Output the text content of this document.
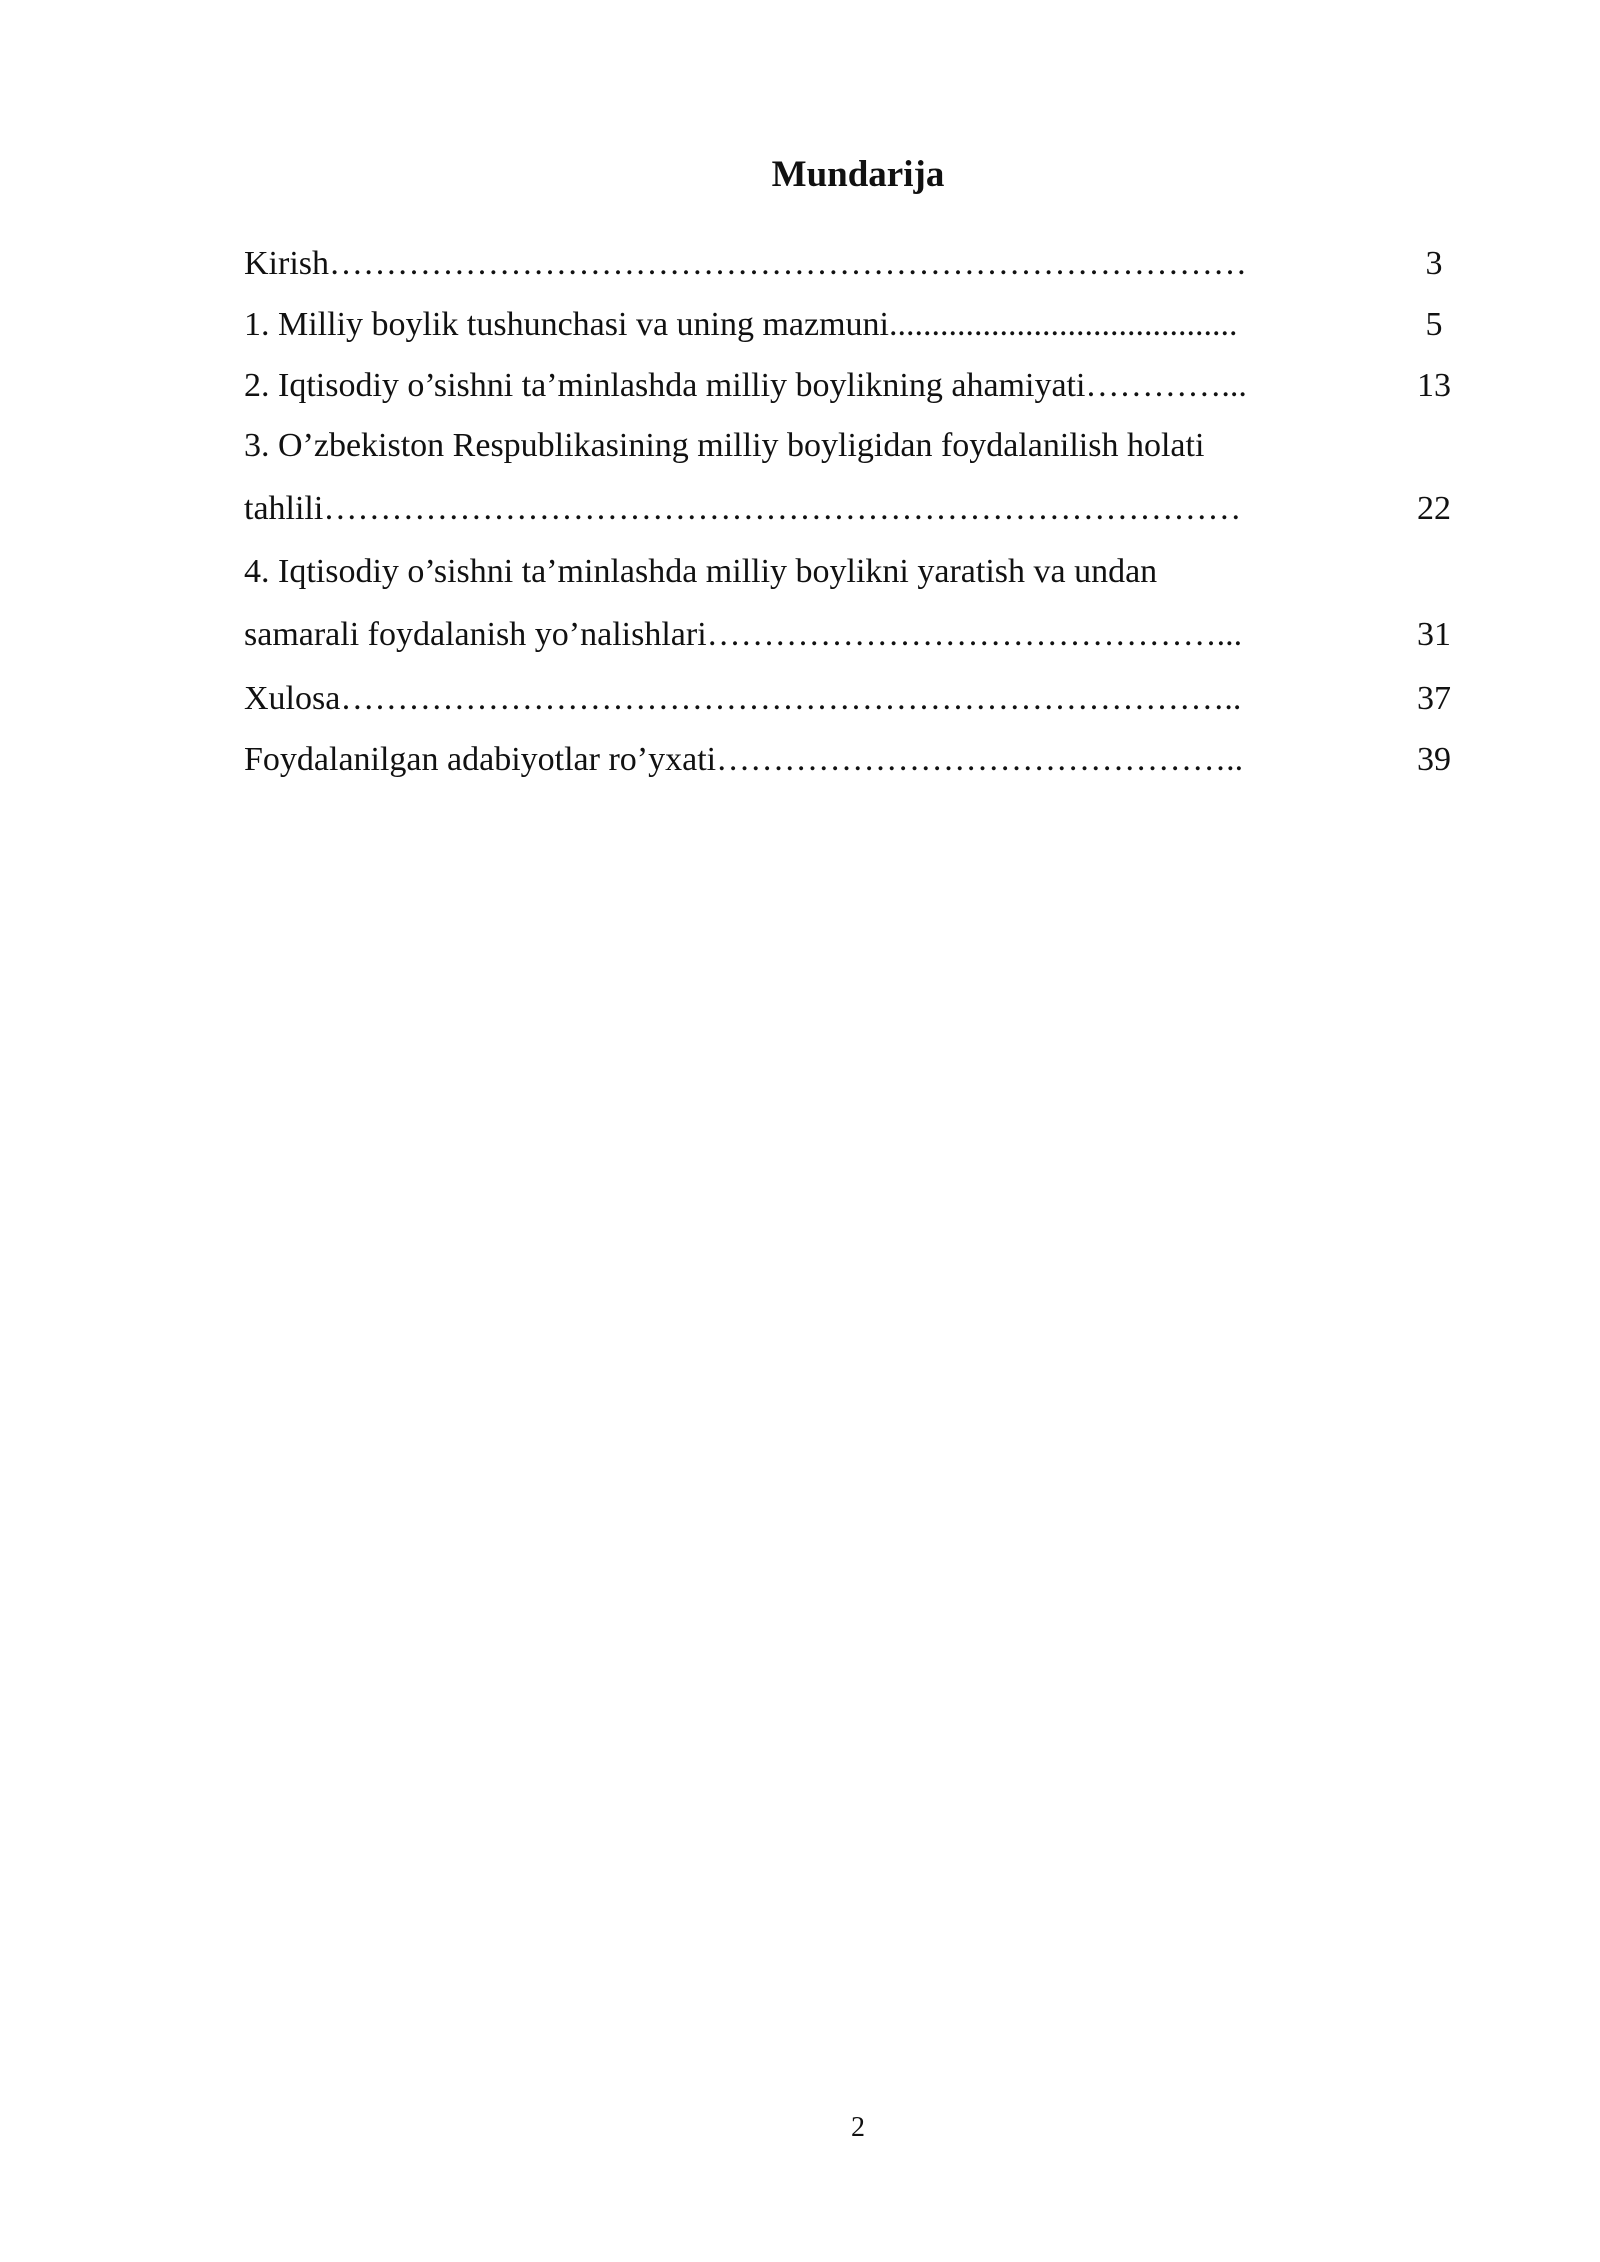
Mundarija
Kirish………………………………………………………………………	3
1. Milliy boylik tushunchasi va uning mazmuni.........................................	5
2. Iqtisodiy o’sishni ta’minlashda milliy boylikning ahamiyati…………...	13
3. O’zbekiston Respublikasining milliy boyligidan foydalanilish holati
tahlili………………………………………………………………………	22
4. Iqtisodiy o’sishni ta’minlashda milliy boylikni yaratish va undan
samarali foydalanish yo’nalishlari………………………………………...	31
Xulosa……………………………………………………………………..	37
Foydalanilgan adabiyotlar ro’yxati………………………………………..	39
2
